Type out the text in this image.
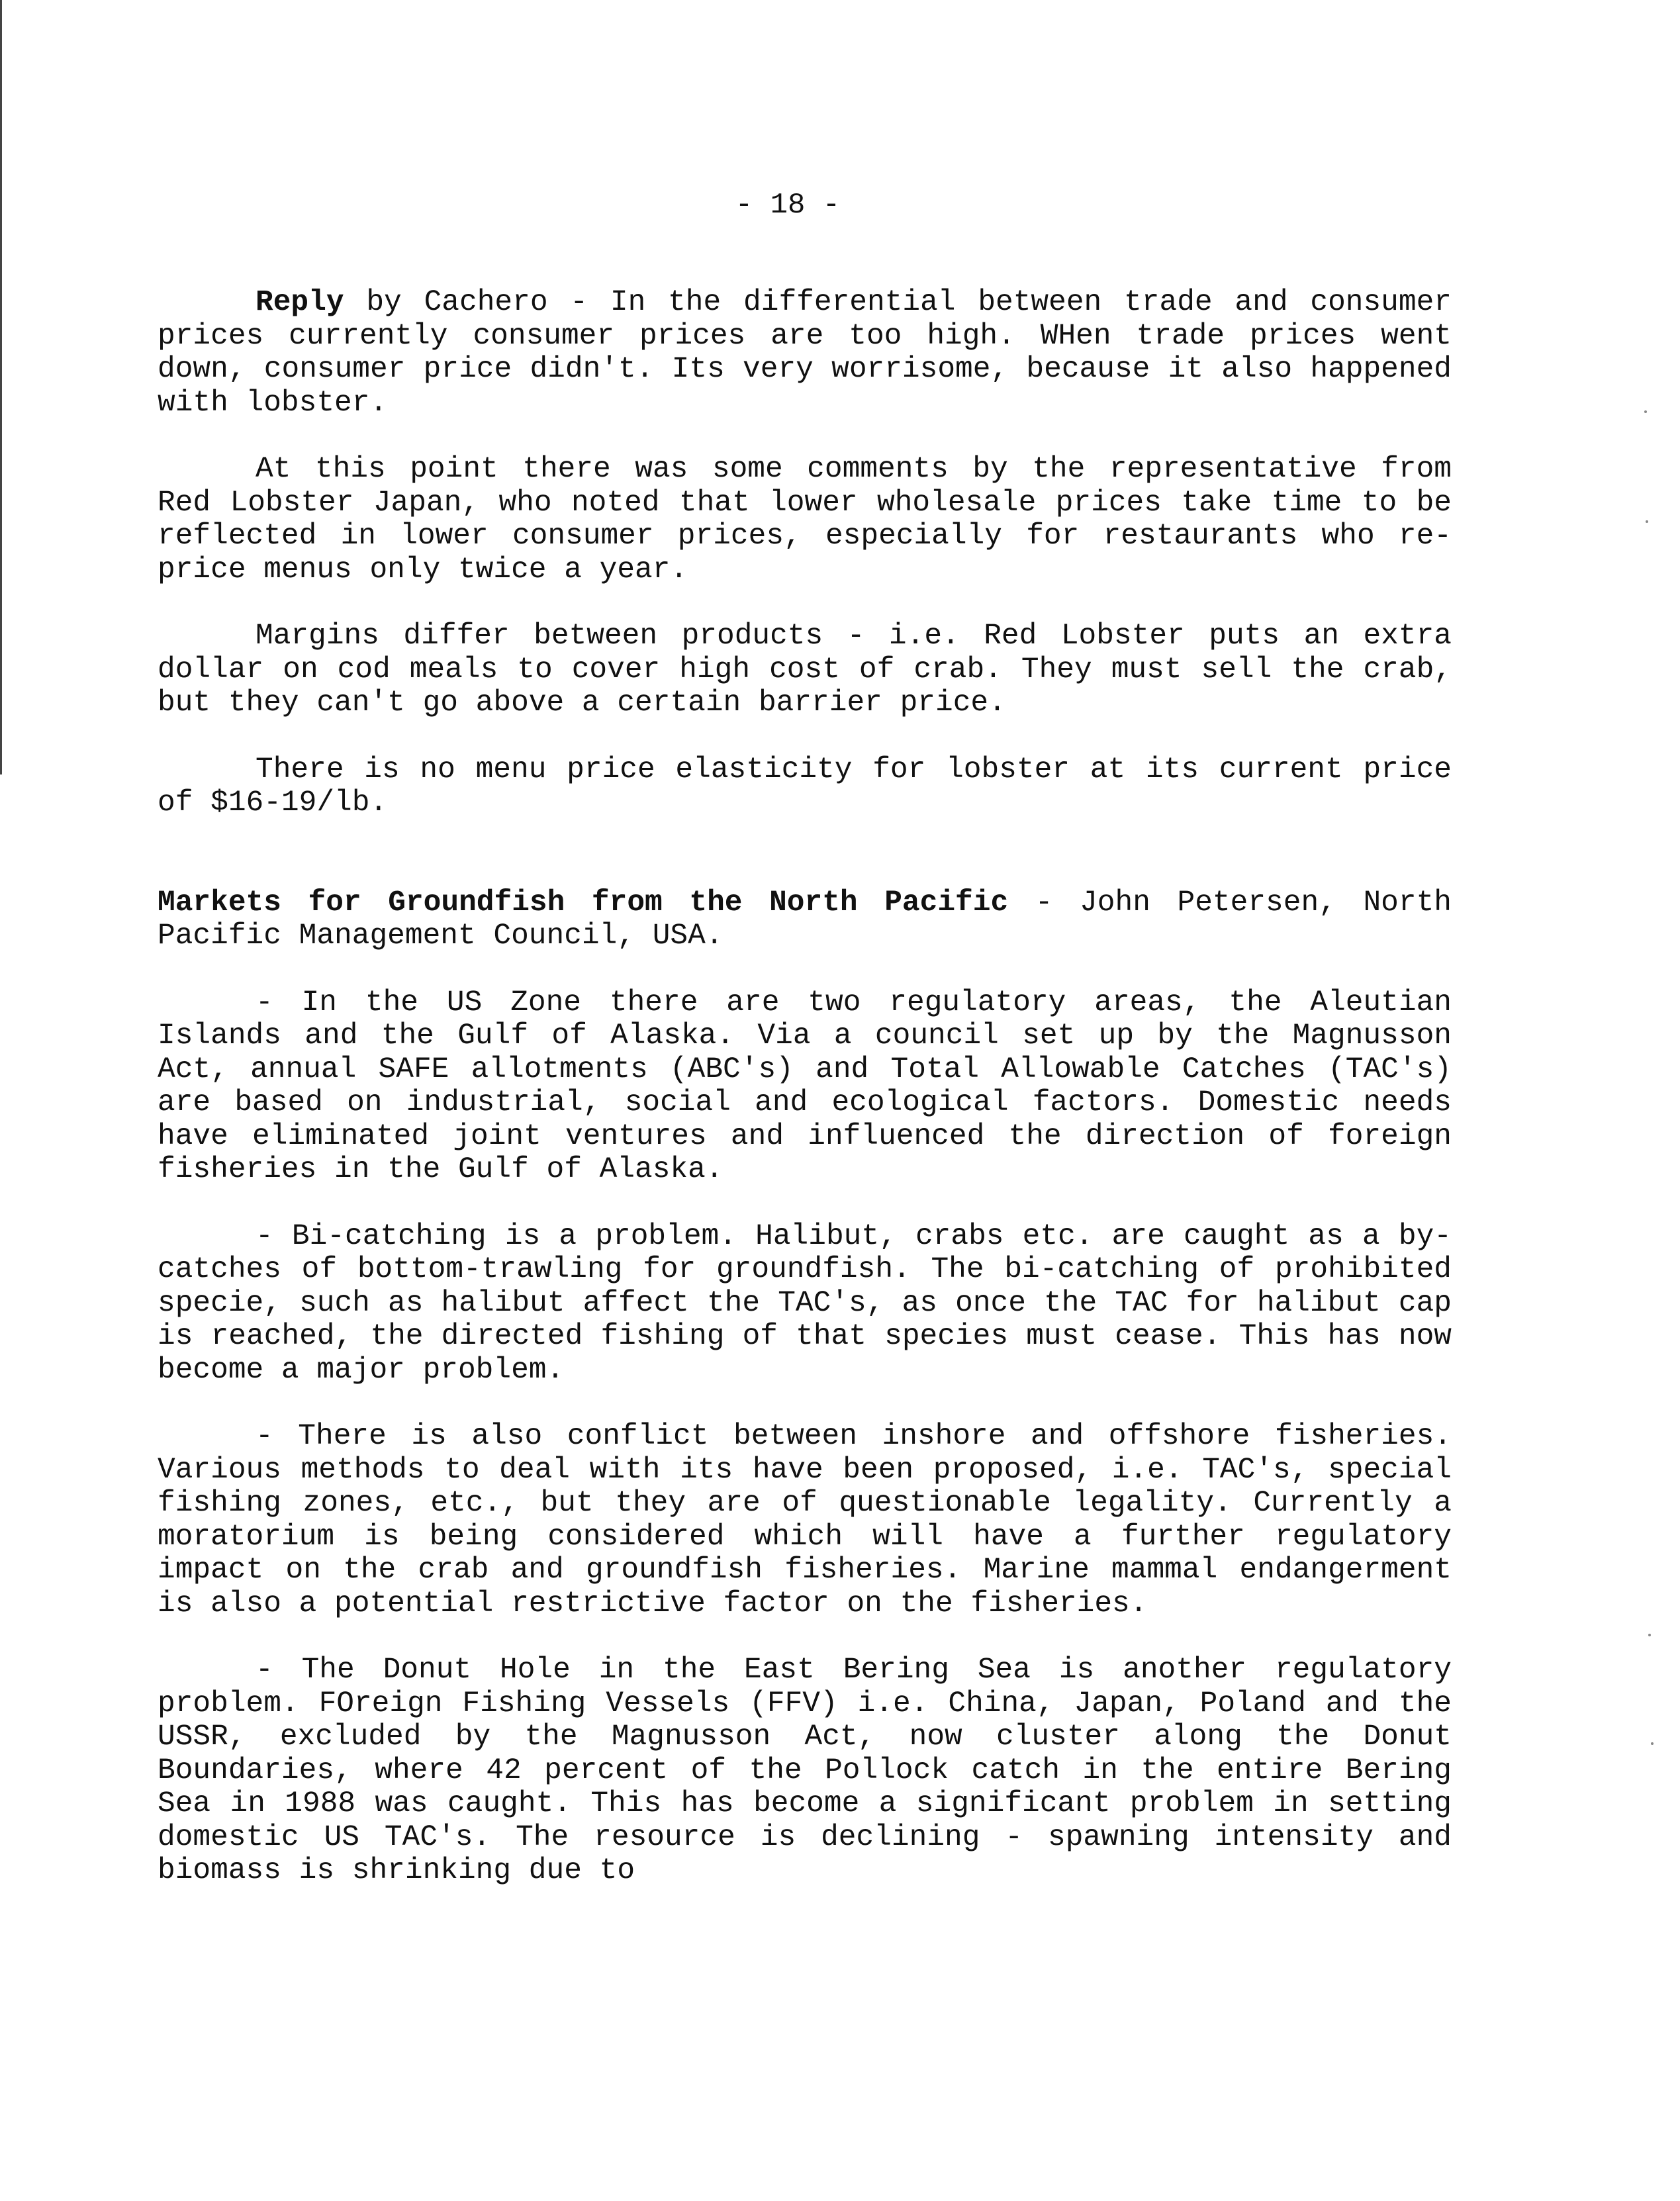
- 18 -

Reply by Cachero - In the differential between trade and consumer prices currently consumer prices are too high. WHen trade prices went down, consumer price didn't. Its very worrisome, because it also happened with lobster.

At this point there was some comments by the representative from Red Lobster Japan, who noted that lower wholesale prices take time to be reflected in lower consumer prices, especially for restaurants who re-price menus only twice a year.

Margins differ between products - i.e. Red Lobster puts an extra dollar on cod meals to cover high cost of crab. They must sell the crab, but they can't go above a certain barrier price.

There is no menu price elasticity for lobster at its current price of $16-19/lb.

Markets for Groundfish from the North Pacific - John Petersen, North Pacific Management Council, USA.

- In the US Zone there are two regulatory areas, the Aleutian Islands and the Gulf of Alaska. Via a council set up by the Magnusson Act, annual SAFE allotments (ABC's) and Total Allowable Catches (TAC's) are based on industrial, social and ecological factors. Domestic needs have eliminated joint ventures and influenced the direction of foreign fisheries in the Gulf of Alaska.

- Bi-catching is a problem. Halibut, crabs etc. are caught as a by-catches of bottom-trawling for groundfish. The bi-catching of prohibited specie, such as halibut affect the TAC's, as once the TAC for halibut cap is reached, the directed fishing of that species must cease. This has now become a major problem.

- There is also conflict between inshore and offshore fisheries. Various methods to deal with its have been proposed, i.e. TAC's, special fishing zones, etc., but they are of questionable legality. Currently a moratorium is being considered which will have a further regulatory impact on the crab and groundfish fisheries. Marine mammal endangerment is also a potential restrictive factor on the fisheries.

- The Donut Hole in the East Bering Sea is another regulatory problem. FOreign Fishing Vessels (FFV) i.e. China, Japan, Poland and the USSR, excluded by the Magnusson Act, now cluster along the Donut Boundaries, where 42 percent of the Pollock catch in the entire Bering Sea in 1988 was caught. This has become a significant problem in setting domestic US TAC's. The resource is declining - spawning intensity and biomass is shrinking due to
